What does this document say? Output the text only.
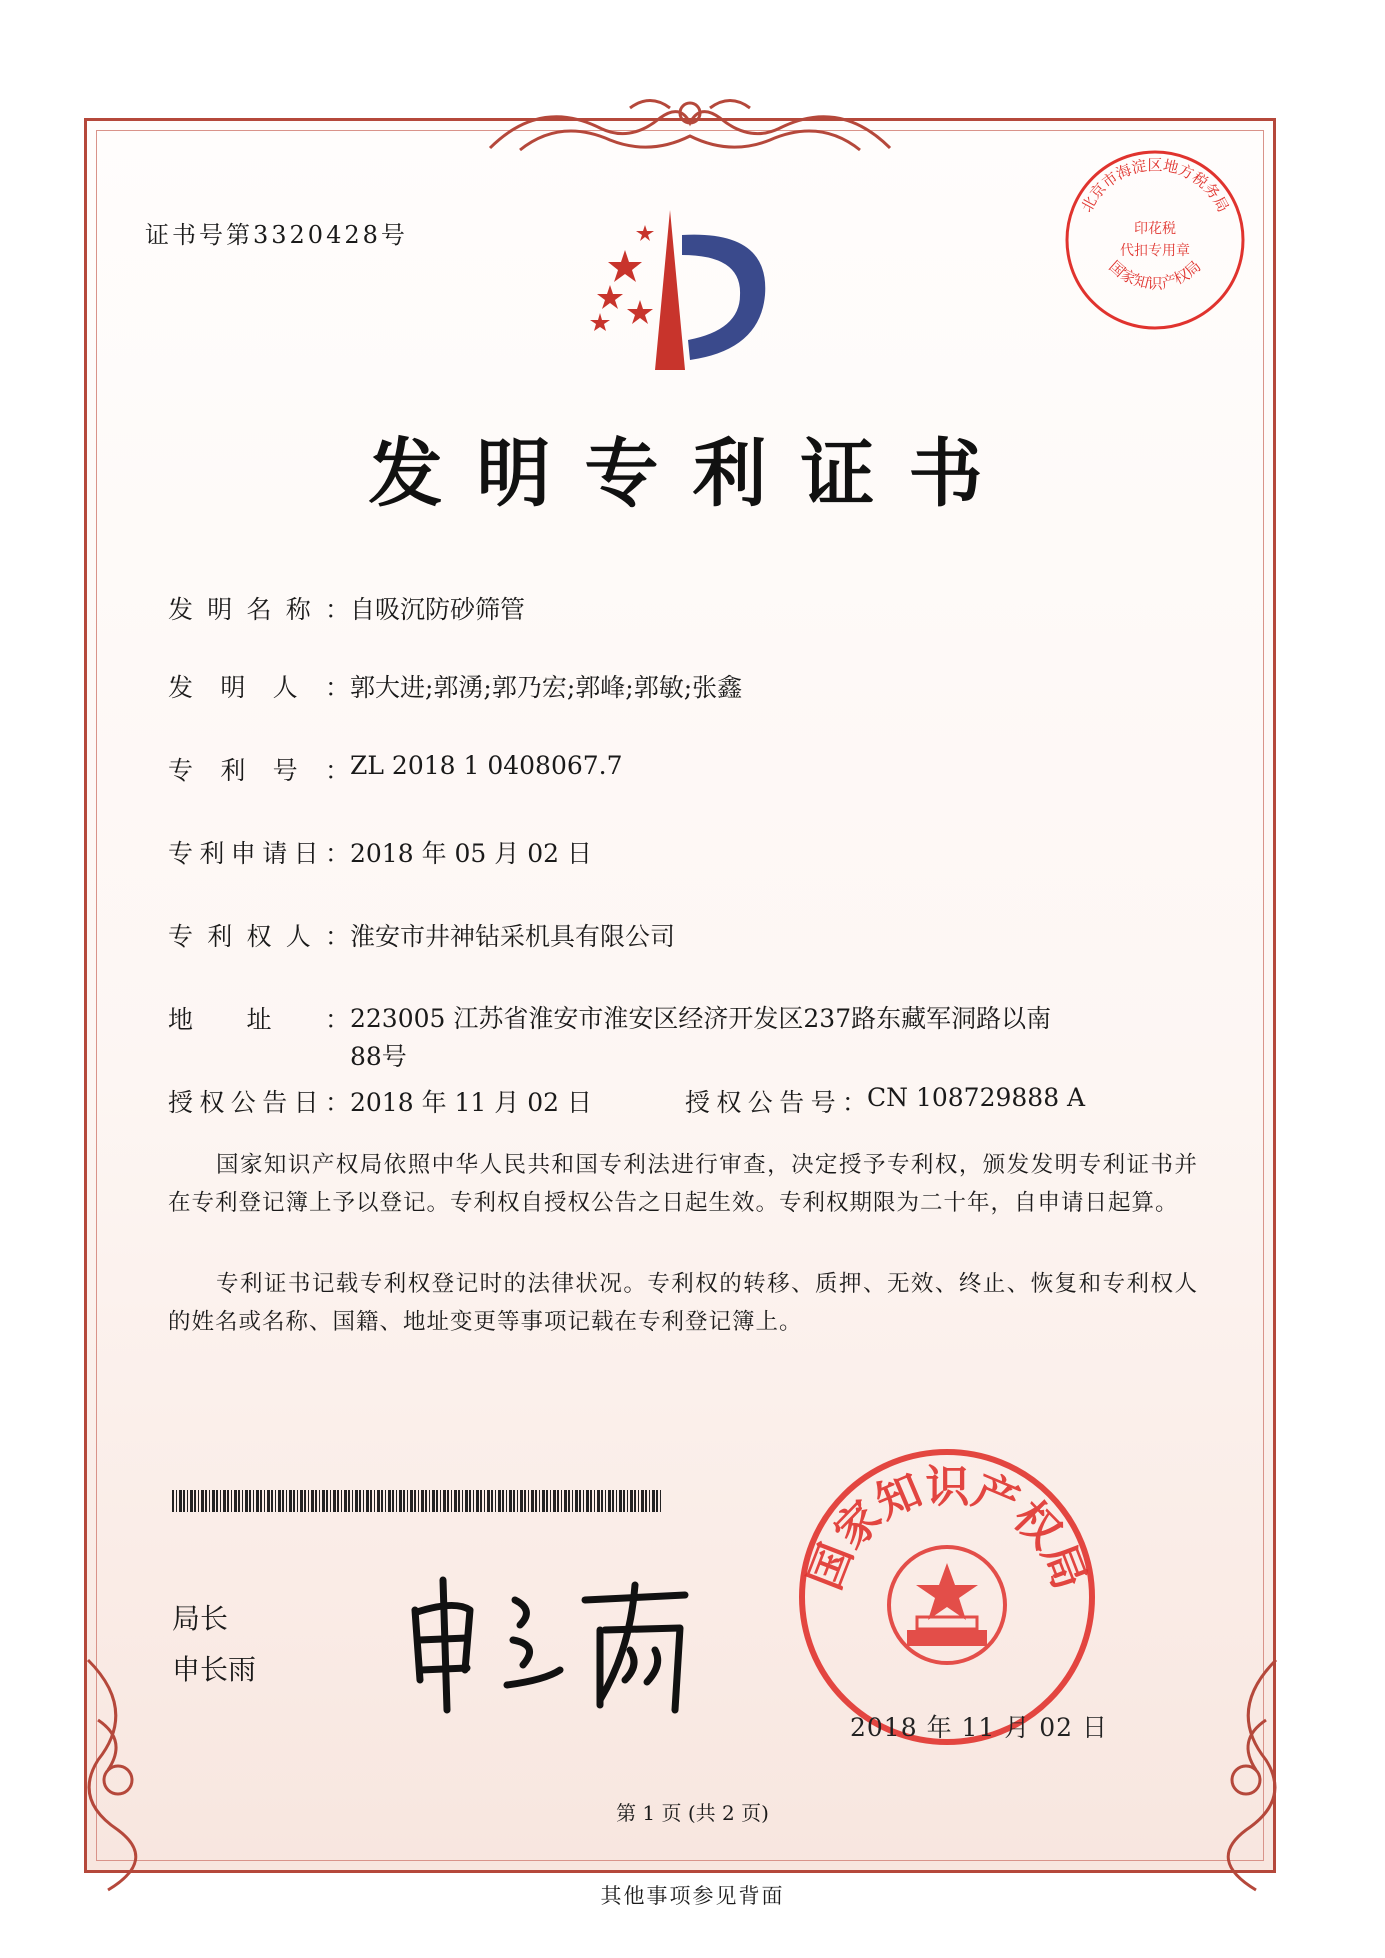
证书号第3320428号
北京市海淀区地方税务局
国家知识产权局
印花税
代扣专用章
发明专利证书
发明名称：自吸沉防砂筛管
发明人：郭大进;郭湧;郭乃宏;郭峰;郭敏;张鑫
专利号：ZL 2018 1 0408067.7
专利申请日：2018 年 05 月 02 日
专利权人：淮安市井神钻采机具有限公司
地址：223005 江苏省淮安市淮安区经济开发区237路东藏军洞路以南88号
授权公告日：2018 年 11 月 02 日	授权公告号：CN 108729888 A
国家知识产权局依照中华人民共和国专利法进行审查，决定授予专利权，颁发发明专利证书并在专利登记簿上予以登记。专利权自授权公告之日起生效。专利权期限为二十年，自申请日起算。
专利证书记载专利权登记时的法律状况。专利权的转移、质押、无效、终止、恢复和专利权人的姓名或名称、国籍、地址变更等事项记载在专利登记簿上。
局长
申长雨
国家知识产权局
2018 年 11 月 02 日
第 1 页 (共 2 页)
其他事项参见背面
